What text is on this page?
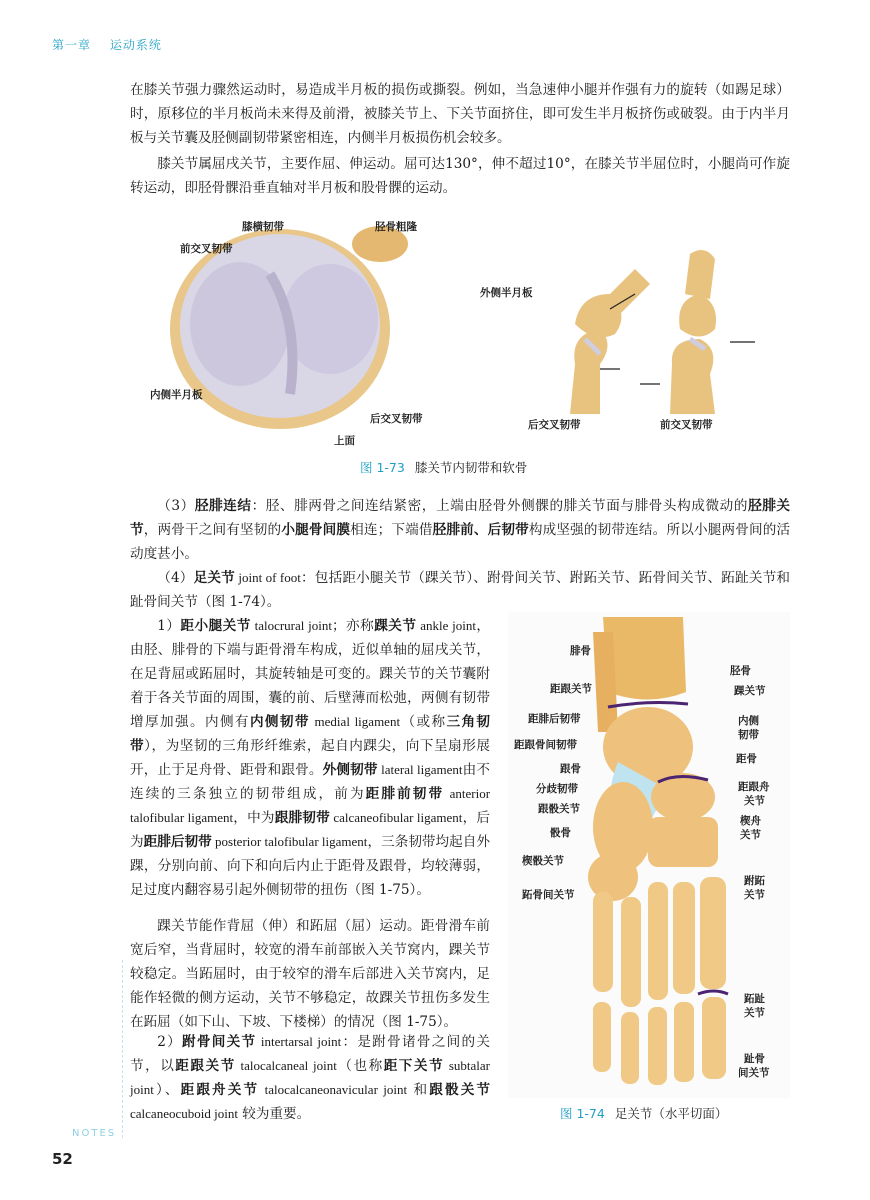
第一章 运动系统

在膝关节强力骤然运动时，易造成半月板的损伤或撕裂。例如，当急速伸小腿并作强有力的旋转（如踢足球）时，原移位的半月板尚未来得及前滑，被膝关节上、下关节面挤住，即可发生半月板挤伤或破裂。由于内半月板与关节囊及胫侧副韧带紧密相连，内侧半月板损伤机会较多。

膝关节属屈戌关节，主要作屈、伸运动。屈可达130°，伸不超过10°，在膝关节半屈位时，小腿尚可作旋转运动，即胫骨髁沿垂直轴对半月板和股骨髁的运动。

膝横韧带	胫骨粗隆
前交叉韧带
外侧半月板
内侧半月板
后交叉韧带
上面
后交叉韧带	前交叉韧带
图 1-73 膝关节内韧带和软骨

（3）胫腓连结：胫、腓两骨之间连结紧密，上端由胫骨外侧髁的腓关节面与腓骨头构成微动的胫腓关节，两骨干之间有坚韧的小腿骨间膜相连；下端借胫腓前、后韧带构成坚强的韧带连结。所以小腿两骨间的活动度甚小。

（4）足关节 joint of foot：包括距小腿关节（踝关节）、跗骨间关节、跗跖关节、跖骨间关节、跖趾关节和趾骨间关节（图 1-74）。

1）距小腿关节 talocrural joint；亦称踝关节 ankle joint，由胫、腓骨的下端与距骨滑车构成，近似单轴的屈戌关节，在足背屈或跖屈时，其旋转轴是可变的。踝关节的关节囊附着于各关节面的周围，囊的前、后壁薄而松弛，两侧有韧带增厚加强。内侧有内侧韧带 medial ligament（或称三角韧带），为坚韧的三角形纤维索，起自内踝尖，向下呈扇形展开，止于足舟骨、距骨和跟骨。外侧韧带 lateral ligament由不连续的三条独立的韧带组成，前为距腓前韧带 anterior talofibular ligament，中为跟腓韧带 calcaneofibular ligament，后为距腓后韧带 posterior talofibular ligament，三条韧带均起自外踝，分别向前、向下和向后内止于距骨及跟骨，均较薄弱，足过度内翻容易引起外侧韧带的扭伤（图 1-75）。

踝关节能作背屈（伸）和跖屈（屈）运动。距骨滑车前宽后窄，当背屈时，较宽的滑车前部嵌入关节窝内，踝关节较稳定。当跖屈时，由于较窄的滑车后部进入关节窝内，足能作轻微的侧方运动，关节不够稳定，故踝关节扭伤多发生在跖屈（如下山、下坡、下楼梯）的情况（图 1-75）。

2）跗骨间关节 intertarsal joint：是跗骨诸骨之间的关节，以距跟关节 talocalcaneal joint（也称距下关节 subtalar joint）、距跟舟关节 talocalcaneonavicular joint 和跟骰关节 calcaneocuboid joint 较为重要。

腓骨
胫骨
踝关节
距跟关节
内侧
韧带
距腓后韧带
距骨
距跟骨间韧带
跟骨
距跟舟
关节
分歧韧带
跟骰关节
楔舟
关节
骰骨
楔骰关节
跗跖
关节
跖骨间关节
跖趾
关节
趾骨
间关节
图 1-74 足关节（水平切面）
NOTES
52
